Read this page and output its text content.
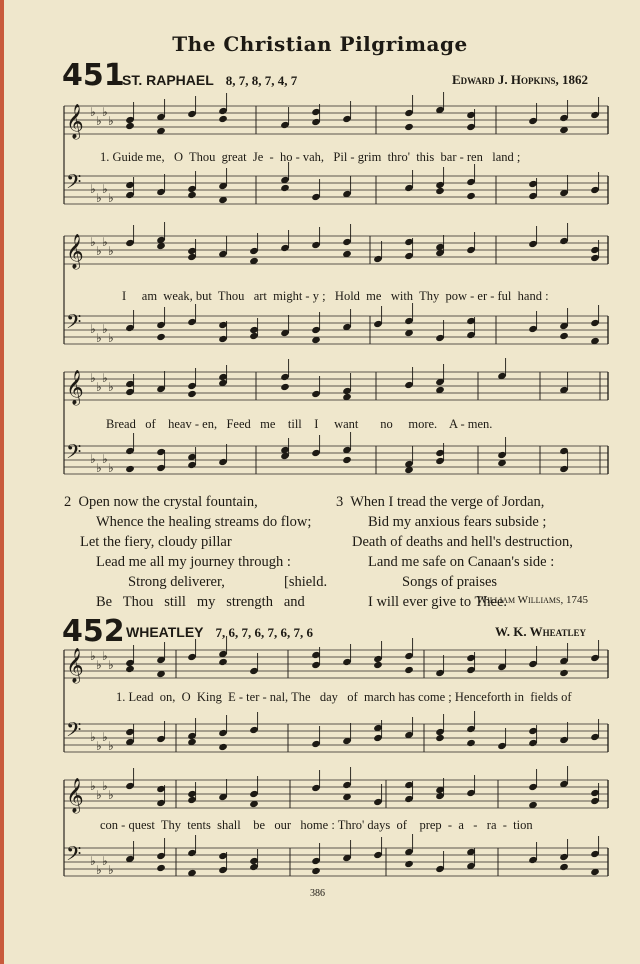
The Christian Pilgrimage
451
ST. RAPHAEL 8, 7, 8, 7, 4, 7	Edward J. Hopkins, 1862
𝄞 ♭
♭
♭
♭
𝄢 ♭
♭
♭
♭
𝄞 ♭
♭
♭
♭
𝄢 ♭
♭
♭
♭
𝄞 ♭
♭
♭
♭
𝄢 ♭
♭
♭
♭
𝄞 ♭
♭
♭
♭
𝄢 ♭
♭
♭
♭
𝄞 ♭
♭
♭
♭
𝄢 ♭
♭
♭
♭
1. Guide me,   O  Thou  great  Je  -  ho - vah,   Pil - grim  thro'  this  bar - ren   land ;
I     am  weak, but  Thou   art  might - y ;   Hold  me   with  Thy  pow - er - ful  hand :
Bread   of    heav - en,   Feed   me    till    I     want       no     more.    A - men.
2  Open now the crystal fountain,
Whence the healing streams do flow;
Let the fiery, cloudy pillar
Lead me all my journey through :
Strong deliverer,
Be   Thou   still   my   strength   and
[shield.
3  When I tread the verge of Jordan,
Bid my anxious fears subside ;
Death of deaths and hell's destruction,
Land me safe on Canaan's side :
Songs of praises
I will ever give to Thee.
William Williams, 1745
452 WHEATLEY 7, 6, 7, 6, 7, 6, 7, 6	W. K. Wheatley
1. Lead  on,  O  King  E - ter - nal, The   day   of  march has come ; Henceforth in  fields of
con - quest  Thy  tents  shall    be   our   home : Thro' days  of    prep  -  a   -   ra  -  tion
386
